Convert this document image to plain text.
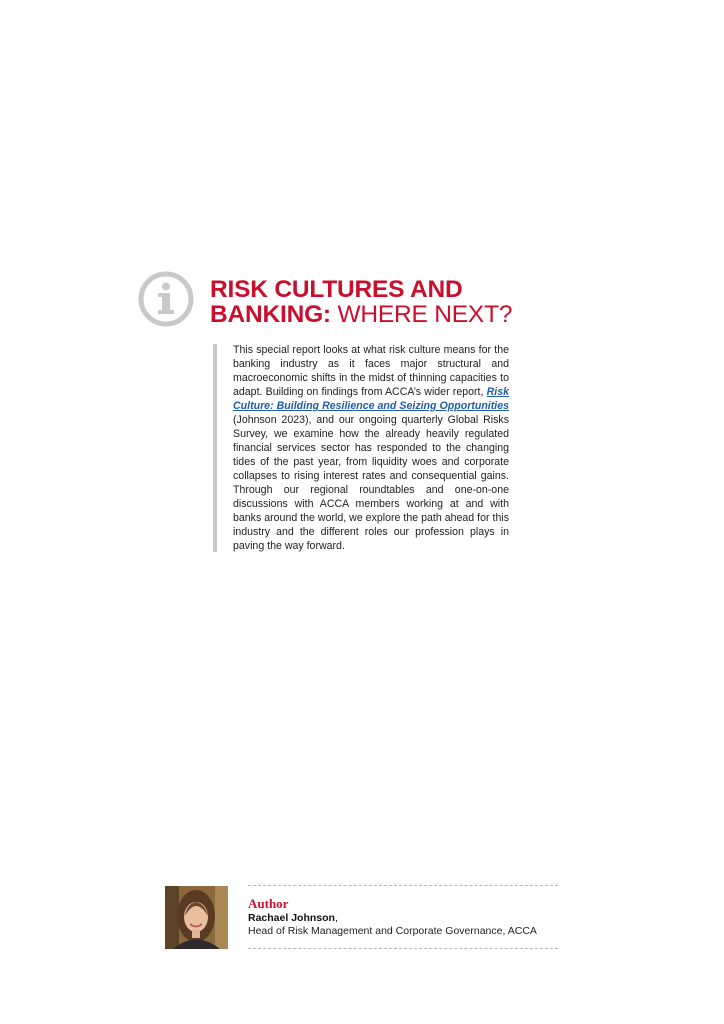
RISK CULTURES AND BANKING: WHERE NEXT?

This special report looks at what risk culture means for the banking industry as it faces major structural and macroeconomic shifts in the midst of thinning capacities to adapt. Building on findings from ACCA’s wider report, Risk Culture: Building Resilience and Seizing Opportunities (Johnson 2023), and our ongoing quarterly Global Risks Survey, we examine how the already heavily regulated financial services sector has responded to the changing tides of the past year, from liquidity woes and corporate collapses to rising interest rates and consequential gains. Through our regional roundtables and one-on-one discussions with ACCA members working at and with banks around the world, we explore the path ahead for this industry and the different roles our profession plays in paving the way forward.

Author
Rachael Johnson,
Head of Risk Management and Corporate Governance, ACCA
